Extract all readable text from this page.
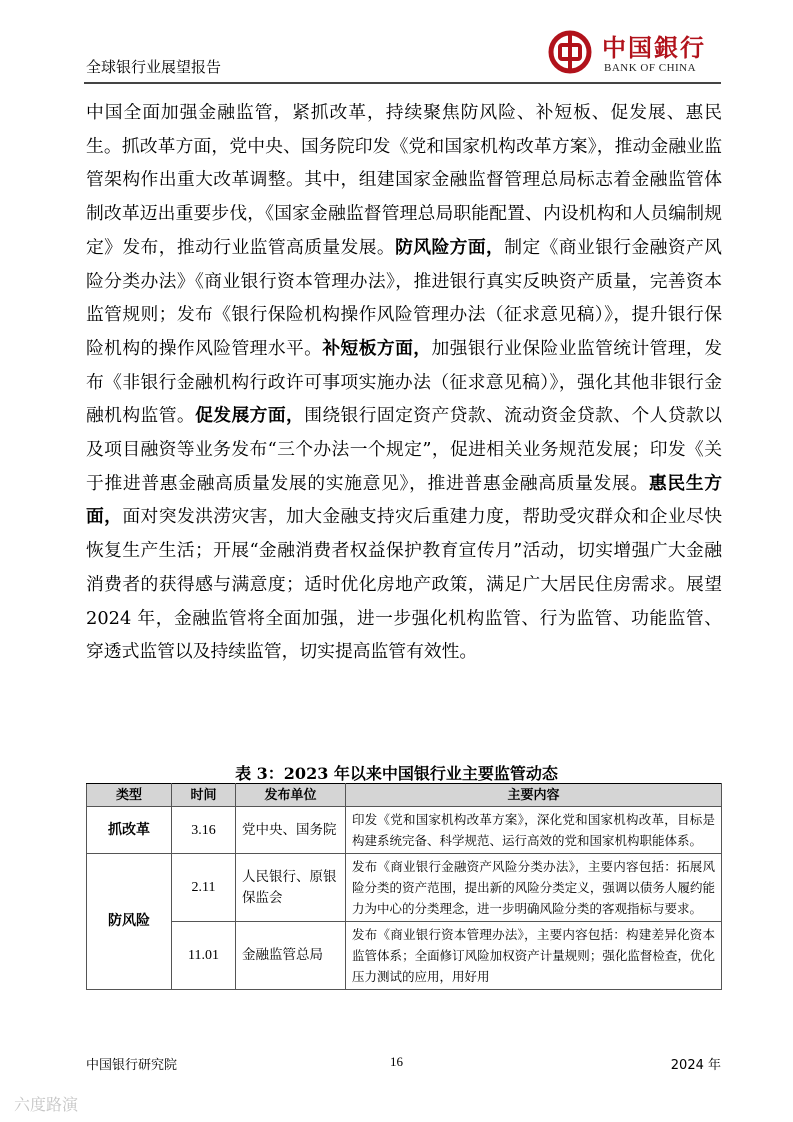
全球银行业展望报告
中国銀行
BANK OF CHINA

中国全面加强金融监管，紧抓改革，持续聚焦防风险、补短板、促发展、惠民生。抓改革方面，党中央、国务院印发《党和国家机构改革方案》，推动金融业监管架构作出重大改革调整。其中，组建国家金融监督管理总局标志着金融监管体制改革迈出重要步伐，《国家金融监督管理总局职能配置、内设机构和人员编制规定》发布，推动行业监管高质量发展。防风险方面，制定《商业银行金融资产风险分类办法》《商业银行资本管理办法》，推进银行真实反映资产质量，完善资本监管规则；发布《银行保险机构操作风险管理办法（征求意见稿）》，提升银行保险机构的操作风险管理水平。补短板方面，加强银行业保险业监管统计管理，发布《非银行金融机构行政许可事项实施办法（征求意见稿）》，强化其他非银行金融机构监管。促发展方面，围绕银行固定资产贷款、流动资金贷款、个人贷款以及项目融资等业务发布“三个办法一个规定”，促进相关业务规范发展；印发《关于推进普惠金融高质量发展的实施意见》，推进普惠金融高质量发展。惠民生方面，面对突发洪涝灾害，加大金融支持灾后重建力度，帮助受灾群众和企业尽快恢复生产生活；开展“金融消费者权益保护教育宣传月”活动，切实增强广大金融消费者的获得感与满意度；适时优化房地产政策，满足广大居民住房需求。展望 2024 年，金融监管将全面加强，进一步强化机构监管、行为监管、功能监管、穿透式监管以及持续监管，切实提高监管有效性。

表 3：2023 年以来中国银行业主要监管动态
类型	时间	发布单位	主要内容
抓改革	3.16	党中央、国务院	印发《党和国家机构改革方案》，深化党和国家机构改革，目标是构建系统完备、科学规范、运行高效的党和国家机构职能体系。
防风险	2.11	人民银行、原银保监会	发布《商业银行金融资产风险分类办法》，主要内容包括：拓展风险分类的资产范围，提出新的风险分类定义，强调以债务人履约能力为中心的分类理念，进一步明确风险分类的客观指标与要求。
	11.01	金融监管总局	发布《商业银行资本管理办法》，主要内容包括：构建差异化资本监管体系；全面修订风险加权资产计量规则；强化监督检查，优化压力测试的应用，用好用
中国银行研究院	16	2024 年
六度路演
